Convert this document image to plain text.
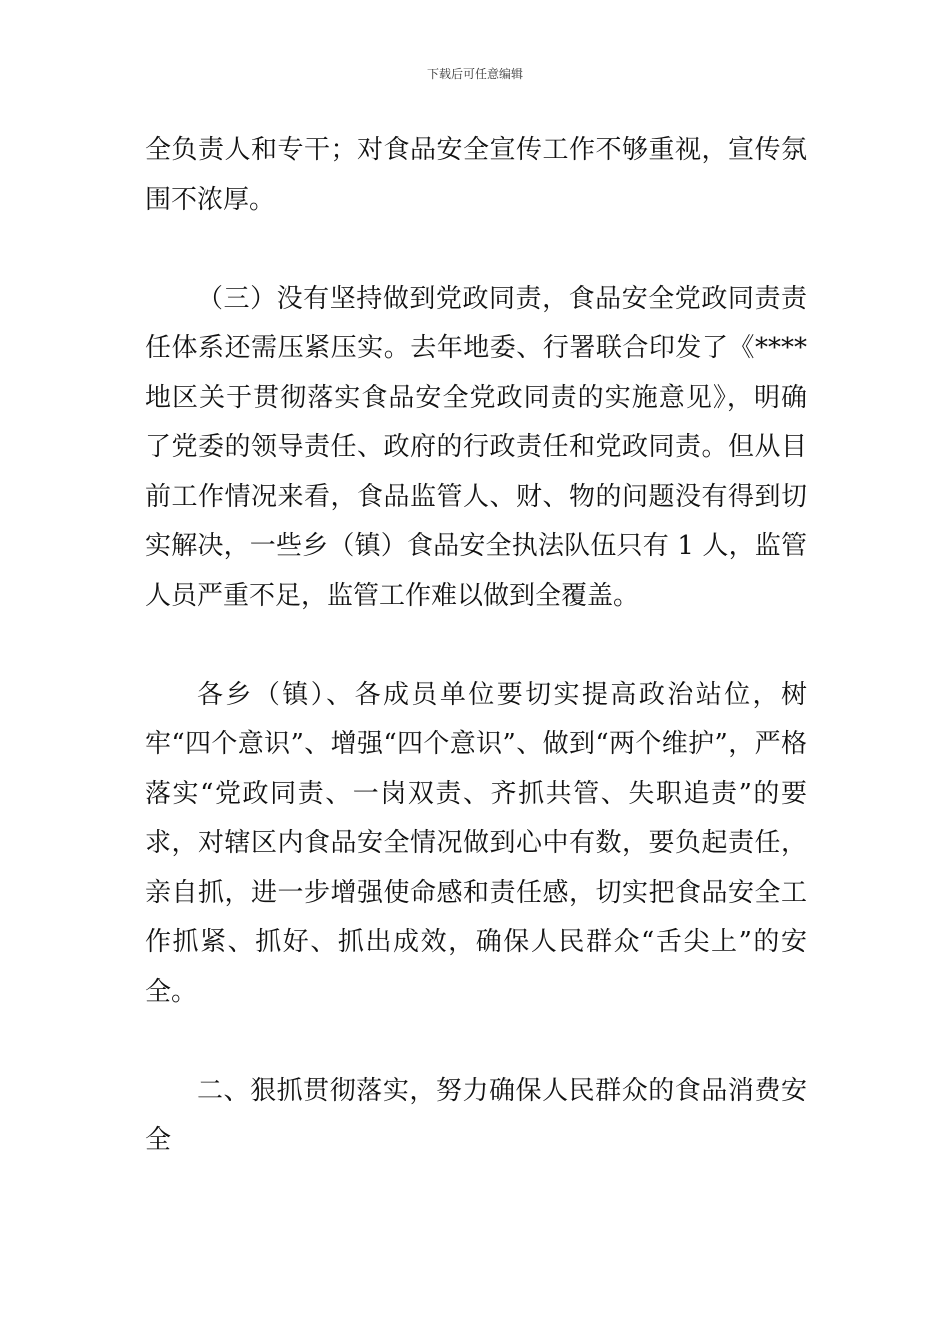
下载后可任意编辑

全负责人和专干；对食品安全宣传工作不够重视，宣传氛围不浓厚。

（三）没有坚持做到党政同责，食品安全党政同责责任体系还需压紧压实。去年地委、行署联合印发了《****地区关于贯彻落实食品安全党政同责的实施意见》，明确了党委的领导责任、政府的行政责任和党政同责。但从目前工作情况来看，食品监管人、财、物的问题没有得到切实解决，一些乡（镇）食品安全执法队伍只有 1 人，监管人员严重不足，监管工作难以做到全覆盖。

各乡（镇）、各成员单位要切实提高政治站位，树牢“四个意识”、增强“四个意识”、做到“两个维护”，严格落实“党政同责、一岗双责、齐抓共管、失职追责”的要求，对辖区内食品安全情况做到心中有数，要负起责任，亲自抓，进一步增强使命感和责任感，切实把食品安全工作抓紧、抓好、抓出成效，确保人民群众“舌尖上”的安全。

二、狠抓贯彻落实，努力确保人民群众的食品消费安全
